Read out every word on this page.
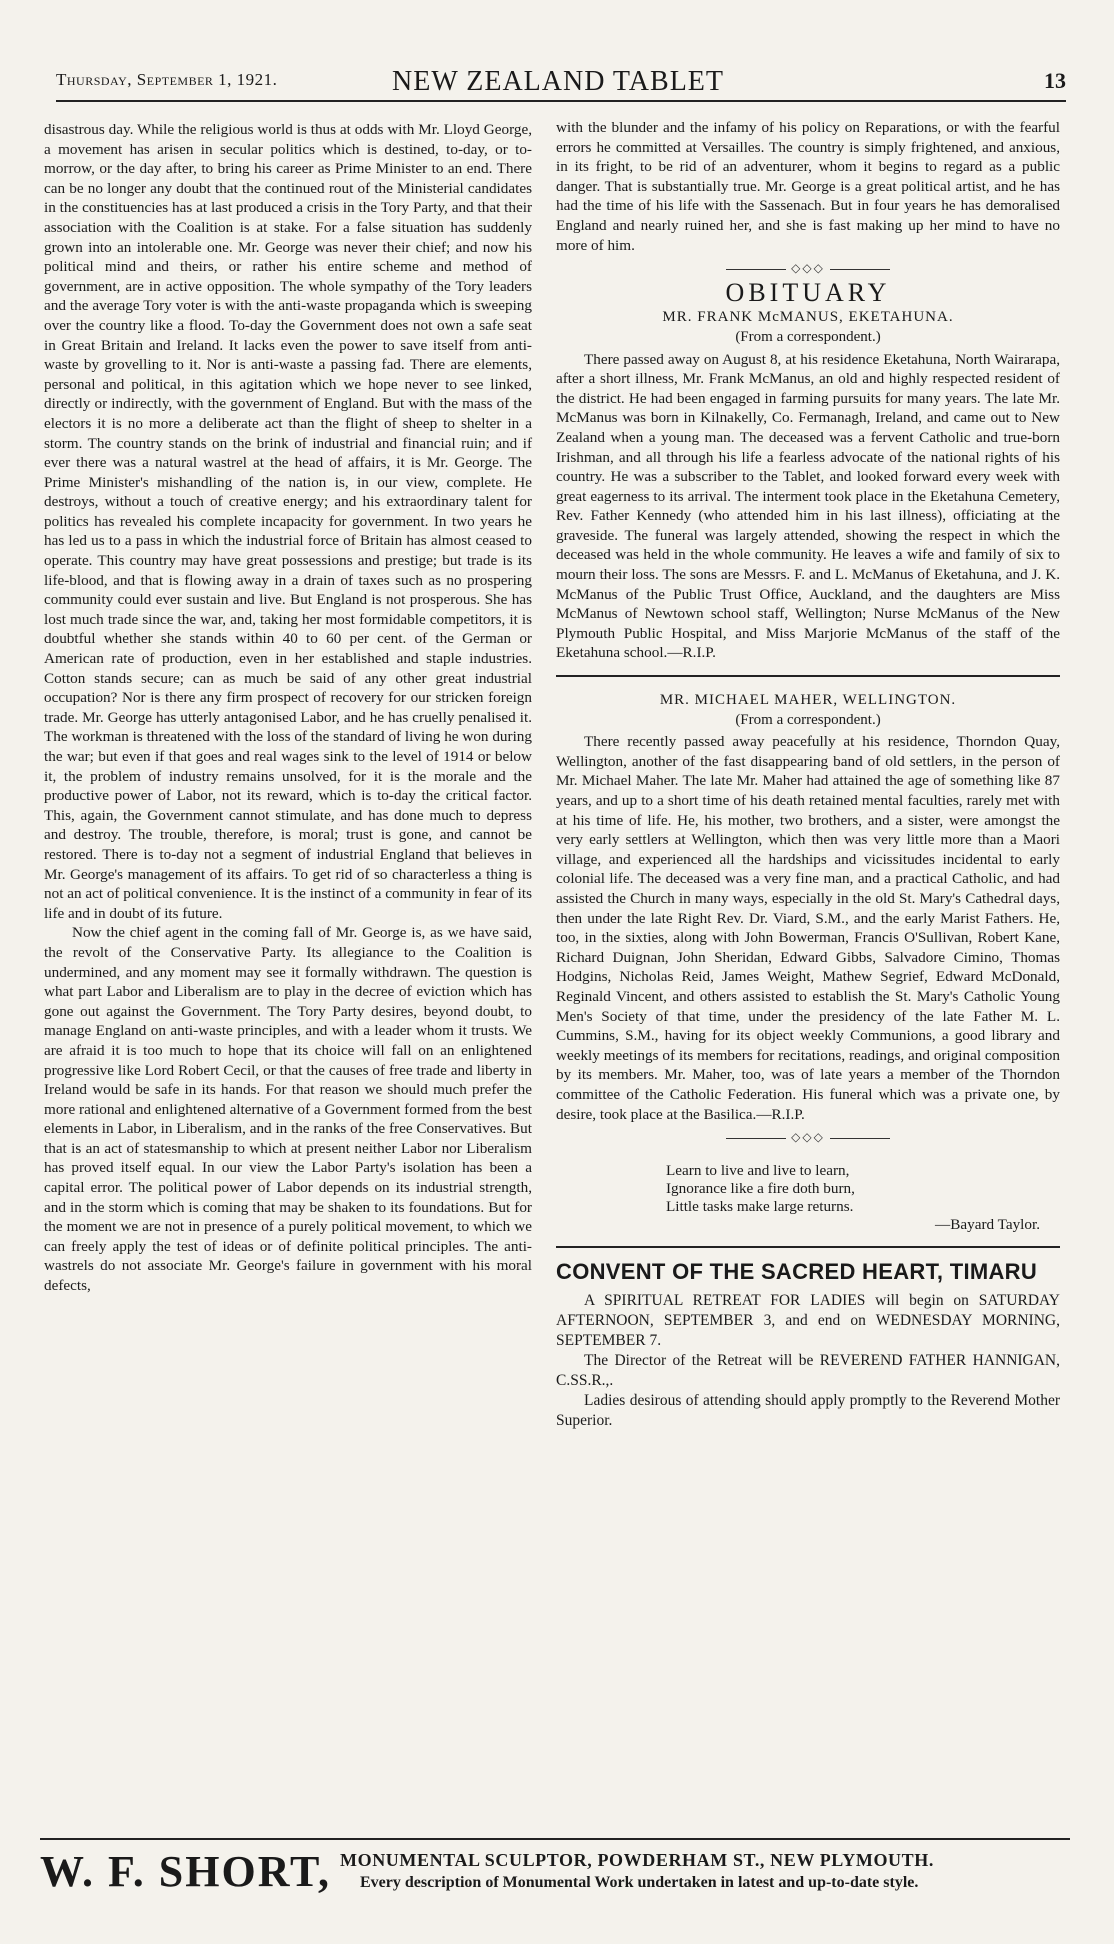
Thursday, September 1, 1921.	NEW ZEALAND TABLET	13

disastrous day. While the religious world is thus at odds with Mr. Lloyd George, a movement has arisen in secular politics which is destined, to-day, or to-morrow, or the day after, to bring his career as Prime Minister to an end. There can be no longer any doubt that the continued rout of the Ministerial candidates in the constituencies has at last produced a crisis in the Tory Party, and that their association with the Coalition is at stake. For a false situation has suddenly grown into an intolerable one. Mr. George was never their chief; and now his political mind and theirs, or rather his entire scheme and method of government, are in active opposition. The whole sympathy of the Tory leaders and the average Tory voter is with the anti-waste propaganda which is sweeping over the country like a flood. To-day the Government does not own a safe seat in Great Britain and Ireland. It lacks even the power to save itself from anti-waste by grovelling to it. Nor is anti-waste a passing fad. There are elements, personal and political, in this agitation which we hope never to see linked, directly or indirectly, with the government of England. But with the mass of the electors it is no more a deliberate act than the flight of sheep to shelter in a storm. The country stands on the brink of industrial and financial ruin; and if ever there was a natural wastrel at the head of affairs, it is Mr. George. The Prime Minister's mishandling of the nation is, in our view, complete. He destroys, without a touch of creative energy; and his extraordinary talent for politics has revealed his complete incapacity for government. In two years he has led us to a pass in which the industrial force of Britain has almost ceased to operate. This country may have great possessions and prestige; but trade is its life-blood, and that is flowing away in a drain of taxes such as no prospering community could ever sustain and live. But England is not prosperous. She has lost much trade since the war, and, taking her most formidable competitors, it is doubtful whether she stands within 40 to 60 per cent. of the German or American rate of production, even in her established and staple industries. Cotton stands secure; can as much be said of any other great industrial occupation? Nor is there any firm prospect of recovery for our stricken foreign trade. Mr. George has utterly antagonised Labor, and he has cruelly penalised it. The workman is threatened with the loss of the standard of living he won during the war; but even if that goes and real wages sink to the level of 1914 or below it, the problem of industry remains unsolved, for it is the morale and the productive power of Labor, not its reward, which is to-day the critical factor. This, again, the Government cannot stimulate, and has done much to depress and destroy. The trouble, therefore, is moral; trust is gone, and cannot be restored. There is to-day not a segment of industrial England that believes in Mr. George's management of its affairs. To get rid of so characterless a thing is not an act of political convenience. It is the instinct of a community in fear of its life and in doubt of its future.

Now the chief agent in the coming fall of Mr. George is, as we have said, the revolt of the Conservative Party. Its allegiance to the Coalition is undermined, and any moment may see it formally withdrawn. The question is what part Labor and Liberalism are to play in the decree of eviction which has gone out against the Government. The Tory Party desires, beyond doubt, to manage England on anti-waste principles, and with a leader whom it trusts. We are afraid it is too much to hope that its choice will fall on an enlightened progressive like Lord Robert Cecil, or that the causes of free trade and liberty in Ireland would be safe in its hands. For that reason we should much prefer the more rational and enlightened alternative of a Government formed from the best elements in Labor, in Liberalism, and in the ranks of the free Conservatives. But that is an act of statesmanship to which at present neither Labor nor Liberalism has proved itself equal. In our view the Labor Party's isolation has been a capital error. The political power of Labor depends on its industrial strength, and in the storm which is coming that may be shaken to its foundations. But for the moment we are not in presence of a purely political movement, to which we can freely apply the test of ideas or of definite political principles. The anti-wastrels do not associate Mr. George's failure in government with his moral defects,

with the blunder and the infamy of his policy on Reparations, or with the fearful errors he committed at Versailles. The country is simply frightened, and anxious, in its fright, to be rid of an adventurer, whom it begins to regard as a public danger. That is substantially true. Mr. George is a great political artist, and he has had the time of his life with the Sassenach. But in four years he has demoralised England and nearly ruined her, and she is fast making up her mind to have no more of him.

◇◇◇
OBITUARY
MR. FRANK McMANUS, EKETAHUNA.
(From a correspondent.)

There passed away on August 8, at his residence Eketahuna, North Wairarapa, after a short illness, Mr. Frank McManus, an old and highly respected resident of the district. He had been engaged in farming pursuits for many years. The late Mr. McManus was born in Kilnakelly, Co. Fermanagh, Ireland, and came out to New Zealand when a young man. The deceased was a fervent Catholic and true-born Irishman, and all through his life a fearless advocate of the national rights of his country. He was a subscriber to the Tablet, and looked forward every week with great eagerness to its arrival. The interment took place in the Eketahuna Cemetery, Rev. Father Kennedy (who attended him in his last illness), officiating at the graveside. The funeral was largely attended, showing the respect in which the deceased was held in the whole community. He leaves a wife and family of six to mourn their loss. The sons are Messrs. F. and L. McManus of Eketahuna, and J. K. McManus of the Public Trust Office, Auckland, and the daughters are Miss McManus of Newtown school staff, Wellington; Nurse McManus of the New Plymouth Public Hospital, and Miss Marjorie McManus of the staff of the Eketahuna school.—R.I.P.

MR. MICHAEL MAHER, WELLINGTON.
(From a correspondent.)

There recently passed away peacefully at his residence, Thorndon Quay, Wellington, another of the fast disappearing band of old settlers, in the person of Mr. Michael Maher. The late Mr. Maher had attained the age of something like 87 years, and up to a short time of his death retained mental faculties, rarely met with at his time of life. He, his mother, two brothers, and a sister, were amongst the very early settlers at Wellington, which then was very little more than a Maori village, and experienced all the hardships and vicissitudes incidental to early colonial life. The deceased was a very fine man, and a practical Catholic, and had assisted the Church in many ways, especially in the old St. Mary's Cathedral days, then under the late Right Rev. Dr. Viard, S.M., and the early Marist Fathers. He, too, in the sixties, along with John Bowerman, Francis O'Sullivan, Robert Kane, Richard Duignan, John Sheridan, Edward Gibbs, Salvadore Cimino, Thomas Hodgins, Nicholas Reid, James Weight, Mathew Segrief, Edward McDonald, Reginald Vincent, and others assisted to establish the St. Mary's Catholic Young Men's Society of that time, under the presidency of the late Father M. L. Cummins, S.M., having for its object weekly Communions, a good library and weekly meetings of its members for recitations, readings, and original composition by its members. Mr. Maher, too, was of late years a member of the Thorndon committee of the Catholic Federation. His funeral which was a private one, by desire, took place at the Basilica.—R.I.P.

◇◇◇
Learn to live and live to learn,
Ignorance like a fire doth burn,
Little tasks make large returns.
—Bayard Taylor.
CONVENT OF THE SACRED HEART, TIMARU

A SPIRITUAL RETREAT FOR LADIES will begin on SATURDAY AFTERNOON, SEPTEMBER 3, and end on WEDNESDAY MORNING, SEPTEMBER 7.

The Director of the Retreat will be REVEREND FATHER HANNIGAN, C.SS.R.,.

Ladies desirous of attending should apply promptly to the Reverend Mother Superior.

W. F. SHORT, MONUMENTAL SCULPTOR, POWDERHAM ST., NEW PLYMOUTH.
Every description of Monumental Work undertaken in latest and up-to-date style.
